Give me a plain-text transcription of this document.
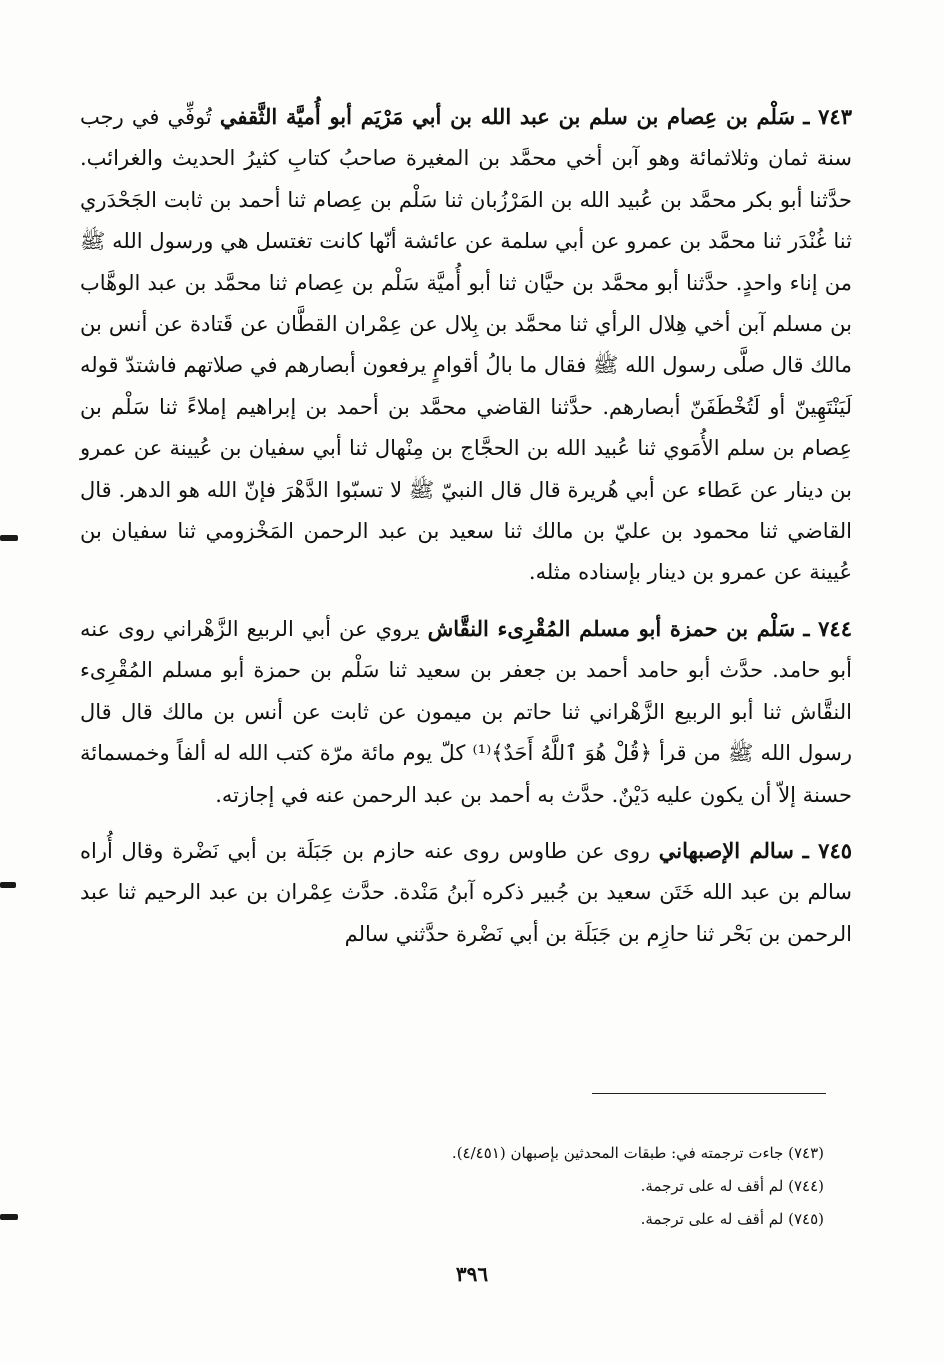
٧٤٣ ـ سَلْم بن عِصام بن سلم بن عبد الله بن أبي مَرْيَم أبو أُميَّة الثَّقفي تُوفِّي في رجب سنة ثمان وثلاثمائة وهو آبن أخي محمَّد بن المغيرة صاحبُ كتابِ كثيرُ الحديث والغرائب. حدَّثنا أبو بكر محمَّد بن عُبيد الله بن المَرْزُبان ثنا سَلْم بن عِصام ثنا أحمد بن ثابت الجَحْدَري ثنا غُنْدَر ثنا محمَّد بن عمرو عن أبي سلمة عن عائشة أنّها كانت تغتسل هي ورسول الله ﷺ من إناء واحدٍ. حدَّثنا أبو محمَّد بن حيَّان ثنا أبو أُميَّة سَلْم بن عِصام ثنا محمَّد بن عبد الوهَّاب بن مسلم آبن أخي هِلال الرأي ثنا محمَّد بن بِلال عن عِمْران القطَّان عن قَتادة عن أنس بن مالك قال صلَّى رسول الله ﷺ فقال ما بالُ أقوامٍ يرفعون أبصارهم في صلاتهم فاشتدّ قوله لَيَنْتَهِينّ أو لَتُخْطَفَنّ أبصارهم. حدَّثنا القاضي محمَّد بن أحمد بن إبراهيم إملاءً ثنا سَلْم بن عِصام بن سلم الأُمَوي ثنا عُبيد الله بن الحجَّاج بن مِنْهال ثنا أبي سفيان بن عُيينة عن عمرو بن دينار عن عَطاء عن أبي هُريرة قال قال النبيّ ﷺ لا تسبّوا الدَّهْرَ فإنّ الله هو الدهر. قال القاضي ثنا محمود بن عليّ بن مالك ثنا سعيد بن عبد الرحمن المَخْزومي ثنا سفيان بن عُيينة عن عمرو بن دينار بإسناده مثله.

٧٤٤ ـ سَلْم بن حمزة أبو مسلم المُقْرِىء النقَّاش يروي عن أبي الربيع الزَّهْراني روى عنه أبو حامد. حدَّث أبو حامد أحمد بن جعفر بن سعيد ثنا سَلْم بن حمزة أبو مسلم المُقْرِىء النقَّاش ثنا أبو الربيع الزَّهْراني ثنا حاتم بن ميمون عن ثابت عن أنس بن مالك قال قال رسول الله ﷺ من قرأ ﴿قُلْ هُوَ ٱللَّهُ أَحَدٌ﴾⁽¹⁾ كلّ يوم مائة مرّة كتب الله له ألفاً وخمسمائة حسنة إلاّ أن يكون عليه دَيْنٌ. حدَّث به أحمد بن عبد الرحمن عنه في إجازته.

٧٤٥ ـ سالم الإصبهاني روى عن طاوس روى عنه حازم بن جَبَلَة بن أبي نَضْرة وقال أُراه سالم بن عبد الله خَتَن سعيد بن جُبير ذكره آبنُ مَنْدة. حدَّث عِمْران بن عبد الرحيم ثنا عبد الرحمن بن بَحْر ثنا حازِم بن جَبَلَة بن أبي نَضْرة حدَّثني سالم

(٧٤٣) جاءت ترجمته في: طبقات المحدثين بإصبهان (٤/٤٥١).

(٧٤٤) لم أقف له على ترجمة.

(٧٤٥) لم أقف له على ترجمة.

٣٩٦
